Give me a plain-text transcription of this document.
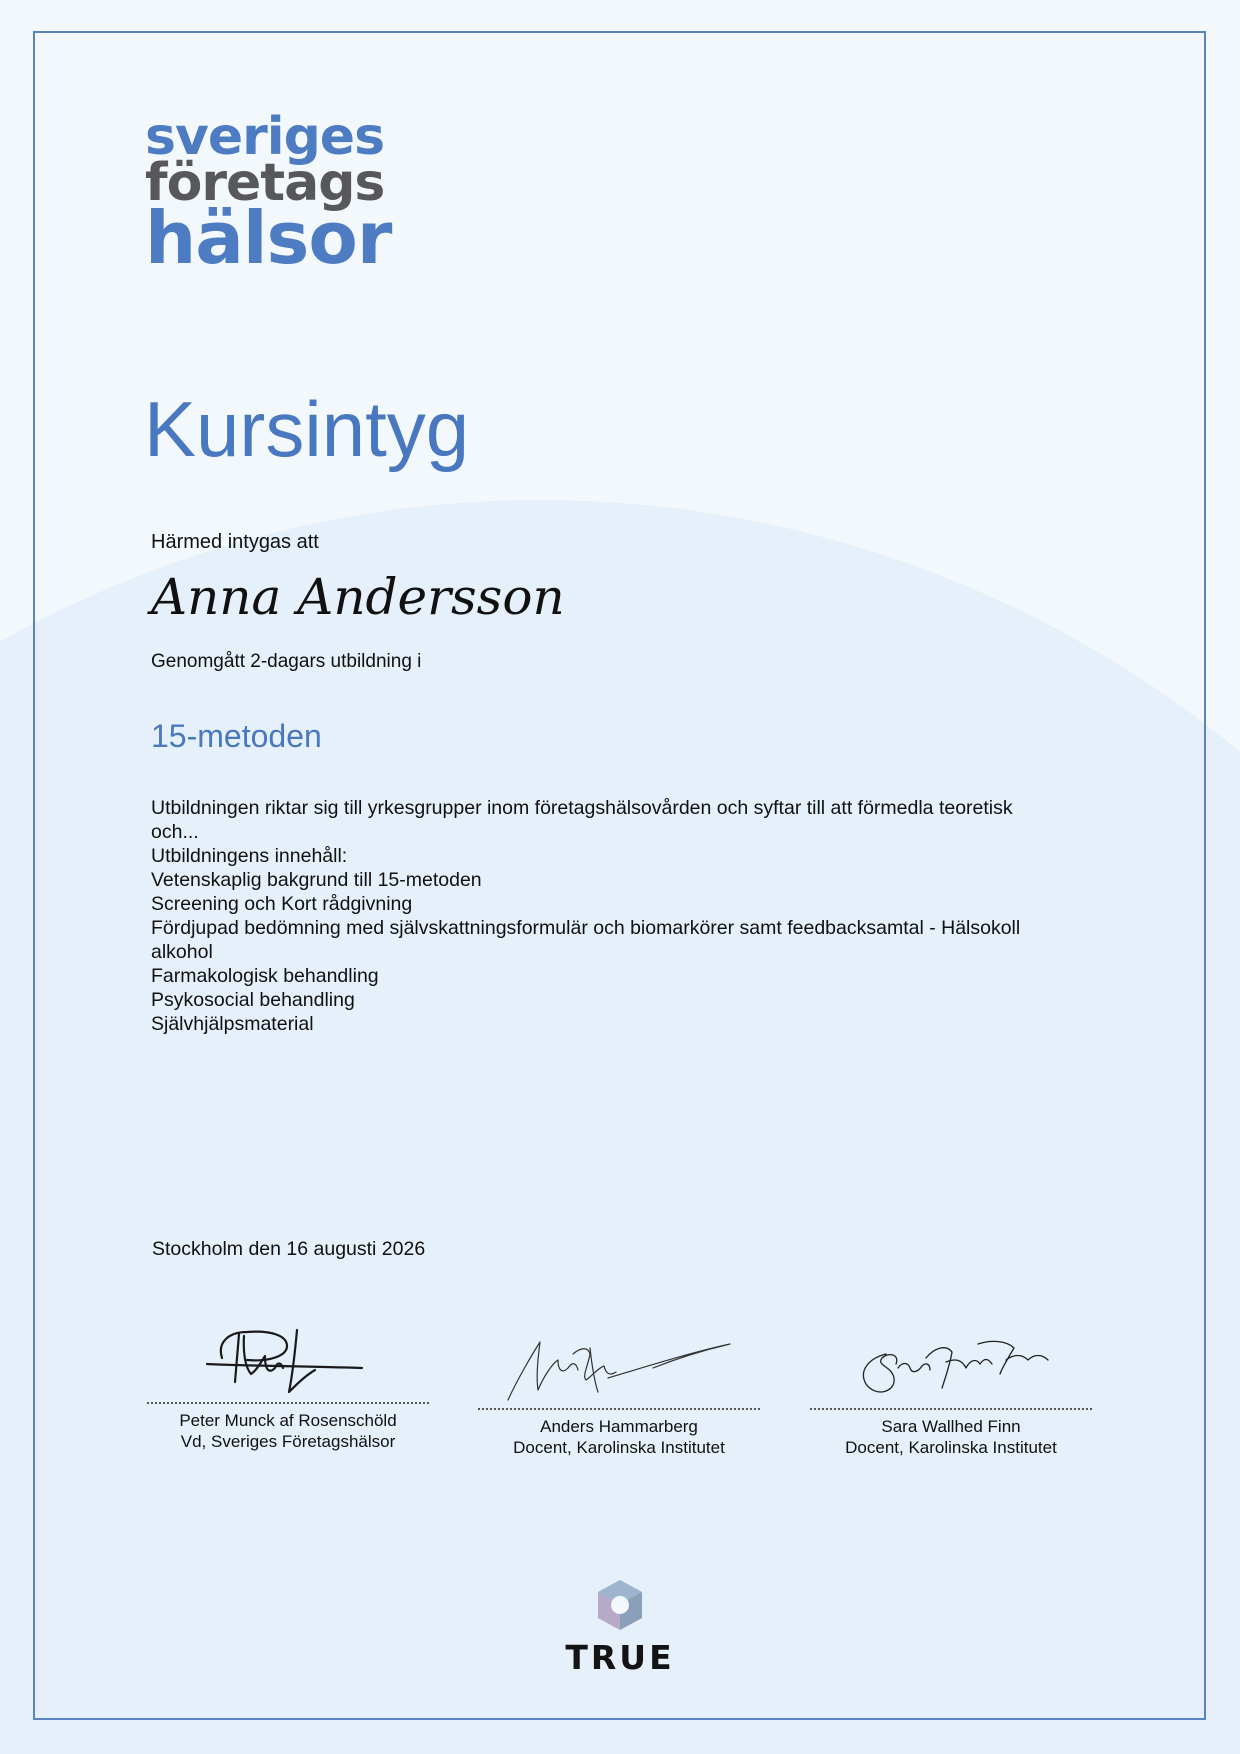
sveriges
företags
hälsor
Kursintyg
Härmed intygas att
Anna Andersson
Genomgått 2-dagars utbildning i
15-metoden
Utbildningen riktar sig till yrkesgrupper inom företagshälsovården och syftar till att förmedla teoretisk
och...
Utbildningens innehåll:
Vetenskaplig bakgrund till 15-metoden
Screening och Kort rådgivning
Fördjupad bedömning med självskattningsformulär och biomarkörer samt feedbacksamtal - Hälsokoll
alkohol
Farmakologisk behandling
Psykosocial behandling
Självhjälpsmaterial
Stockholm den 16 augusti 2026
Peter Munck af Rosenschöld
Vd, Sveriges Företagshälsor
Anders Hammarberg
Docent, Karolinska Institutet
Sara Wallhed Finn
Docent, Karolinska Institutet
TRUE
